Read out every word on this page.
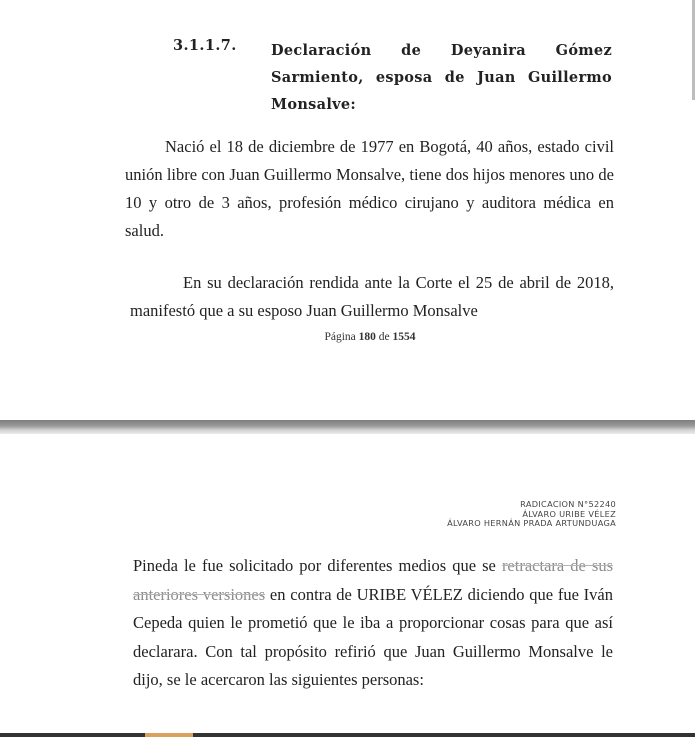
3.1.1.7. Declaración de Deyanira Gómez Sarmiento, esposa de Juan Guillermo Monsalve:
Nació el 18 de diciembre de 1977 en Bogotá, 40 años, estado civil unión libre con Juan Guillermo Monsalve, tiene dos hijos menores uno de 10 y otro de 3 años, profesión médico cirujano y auditora médica en salud.
En su declaración rendida ante la Corte el 25 de abril de 2018, manifestó que a su esposo Juan Guillermo Monsalve
Página 180 de 1554
RADICACION N°52240
ÁLVARO URIBE VÉLEZ
ÁLVARO HERNÁN PRADA ARTUNDUAGA
Pineda le fue solicitado por diferentes medios que se retractara de sus anteriores versiones en contra de URIBE VÉLEZ diciendo que fue Iván Cepeda quien le prometió que le iba a proporcionar cosas para que así declarara. Con tal propósito refirió que Juan Guillermo Monsalve le dijo, se le acercaron las siguientes personas:
